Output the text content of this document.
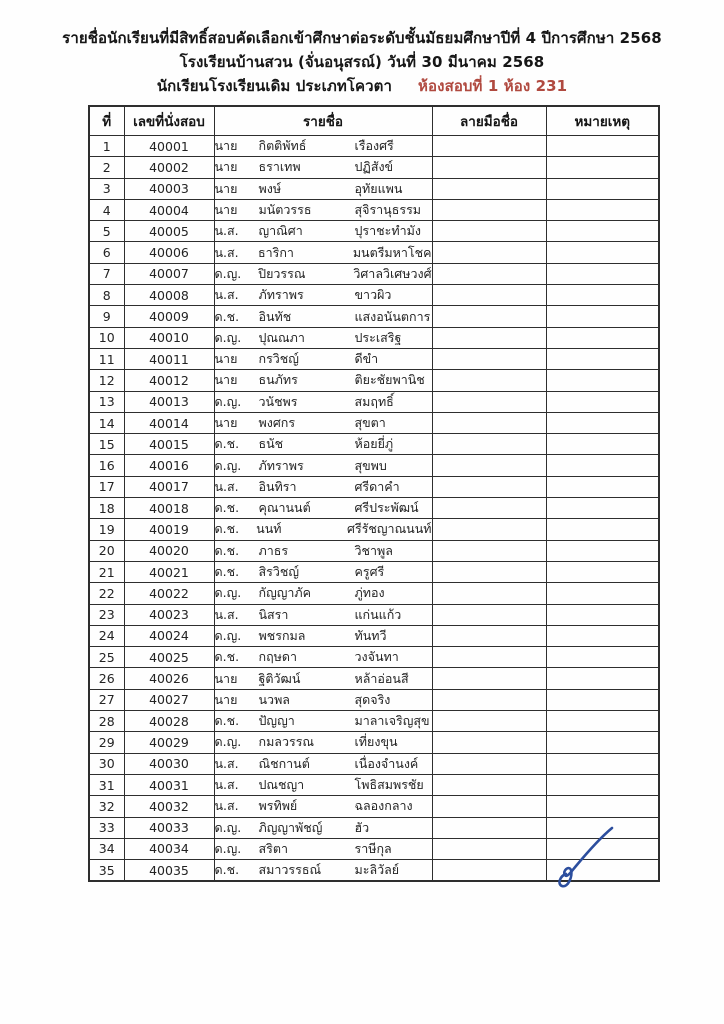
รายชื่อนักเรียนที่มีสิทธิ์สอบคัดเลือกเข้าศึกษาต่อระดับชั้นมัธยมศึกษาปีที่ 4 ปีการศึกษา 2568
โรงเรียนบ้านสวน (จั่นอนุสรณ์) วันที่ 30 มีนาคม 2568
นักเรียนโรงเรียนเดิม ประเภทโควตา ห้องสอบที่ 1 ห้อง 231
ที่	เลขที่นั่งสอบ	รายชื่อ	ลายมือชื่อ	หมายเหตุ
1	40001	นาย กิตติพัทธ์ เรืองศรี		

2	40002	นาย ธราเทพ ปฏิสังข์		

3	40003	นาย พงษ์ อุทัยแพน		

4	40004	นาย มนัตวรรธ สุจิรานุธรรม		

5	40005	น.ส. ญาณิศา ปุราชะทำมัง		

6	40006	น.ส. ธาริกา มนตรีมหาโชค		

7	40007	ด.ญ. ปิยวรรณ วิศาลวิเศษวงศ์		

8	40008	น.ส. ภัทราพร ขาวผิว		

9	40009	ด.ช. อินทัช แสงอนันตการ		

10	40010	ด.ญ. ปุณณภา ประเสริฐ		

11	40011	นาย กรวิชญ์ ดีขำ		

12	40012	นาย ธนภัทร ติยะชัยพานิช		

13	40013	ด.ญ. วนัชพร สมฤทธิ์		

14	40014	นาย พงศกร สุขตา		

15	40015	ด.ช. ธนัช ห้อยยี่ภู่		

16	40016	ด.ญ. ภัทราพร สุขพบ		

17	40017	น.ส. อินทิรา ศรีดาคำ		

18	40018	ด.ช. คุณานนต์ ศรีประพัฒน์		

19	40019	ด.ช. นนท์ ศรีรัชญาณนนท์		

20	40020	ด.ช. ภาธร วิชาพูล		

21	40021	ด.ช. สิรวิชญ์ ครูศรี		

22	40022	ด.ญ. กัญญาภัค ภู่ทอง		

23	40023	น.ส. นิสรา แก่นแก้ว		

24	40024	ด.ญ. พชรกมล ทันทวี		

25	40025	ด.ช. กฤษดา วงจันทา		

26	40026	นาย ฐิติวัฒน์ หล้าอ่อนสี		

27	40027	นาย นวพล สุดจริง		

28	40028	ด.ช. ปัญญา มาลาเจริญสุข		

29	40029	ด.ญ. กมลวรรณ เที่ยงขุน		

30	40030	น.ส. ณิชกานต์ เนื่องจำนงค์		

31	40031	น.ส. ปณชญา โพธิสมพรชัย		

32	40032	น.ส. พรทิพย์ ฉลองกลาง		

33	40033	ด.ญ. ภิญญาพัชญ์ ฮัว		

34	40034	ด.ญ. สริตา ราษีกุล		

35	40035	ด.ช. สมาวรรธณ์ มะลิวัลย์		
